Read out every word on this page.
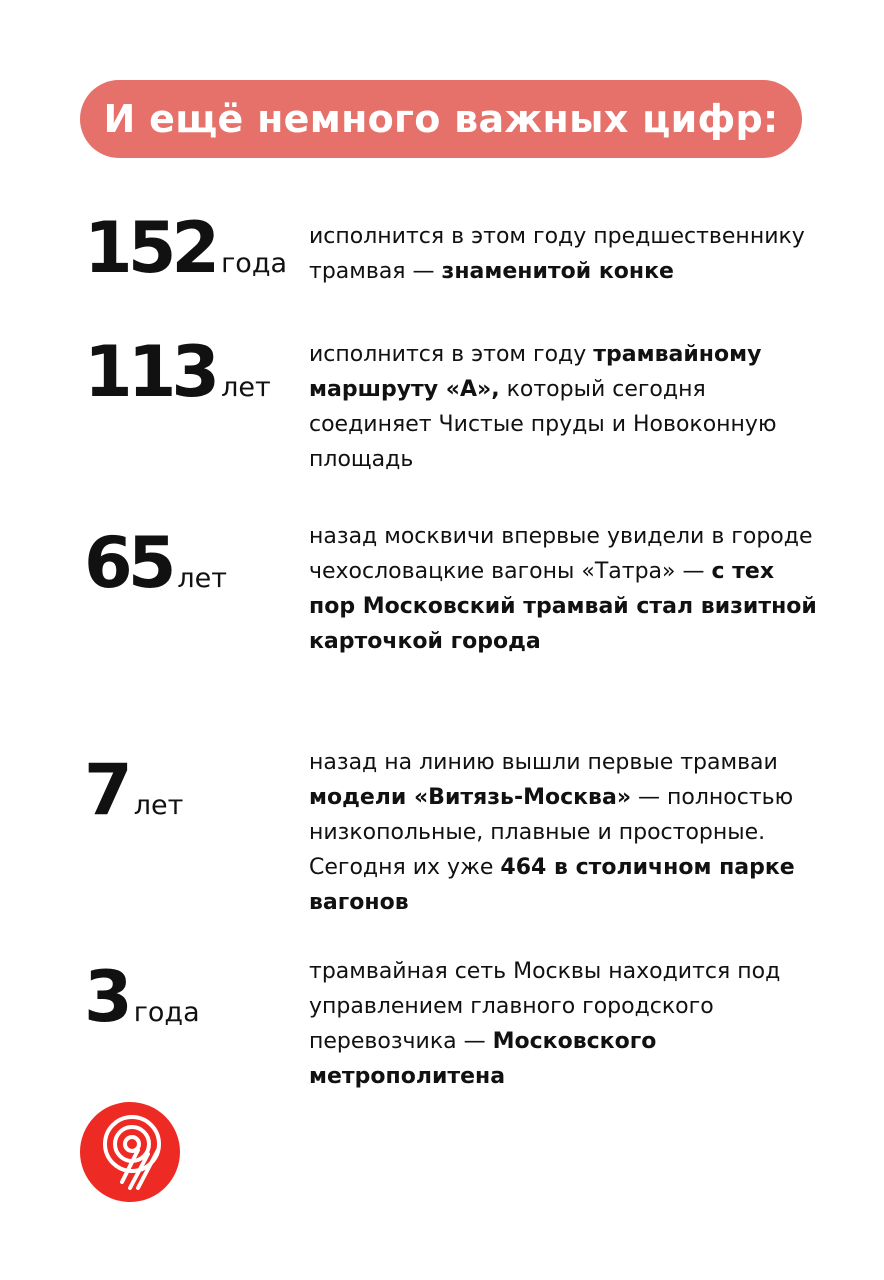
И ещё немного важных цифр:
152 года

исполнится в этом году предшественнику трамвая — знаменитой конке

113 лет

исполнится в этом году трамвайному маршруту «А», который сегодня соединяет Чистые пруды и Новоконную площадь

65 лет

назад москвичи впервые увидели в городе чехословацкие вагоны «Татра» — с тех пор Московский трамвай стал визитной карточкой города

7 лет

назад на линию вышли первые трамваи модели «Витязь-Москва» — полностью низкопольные, плавные и просторные. Сегодня их уже 464 в столичном парке вагонов

3 года

трамвайная сеть Москвы находится под управлением главного городского перевозчика — Московского метрополитена
